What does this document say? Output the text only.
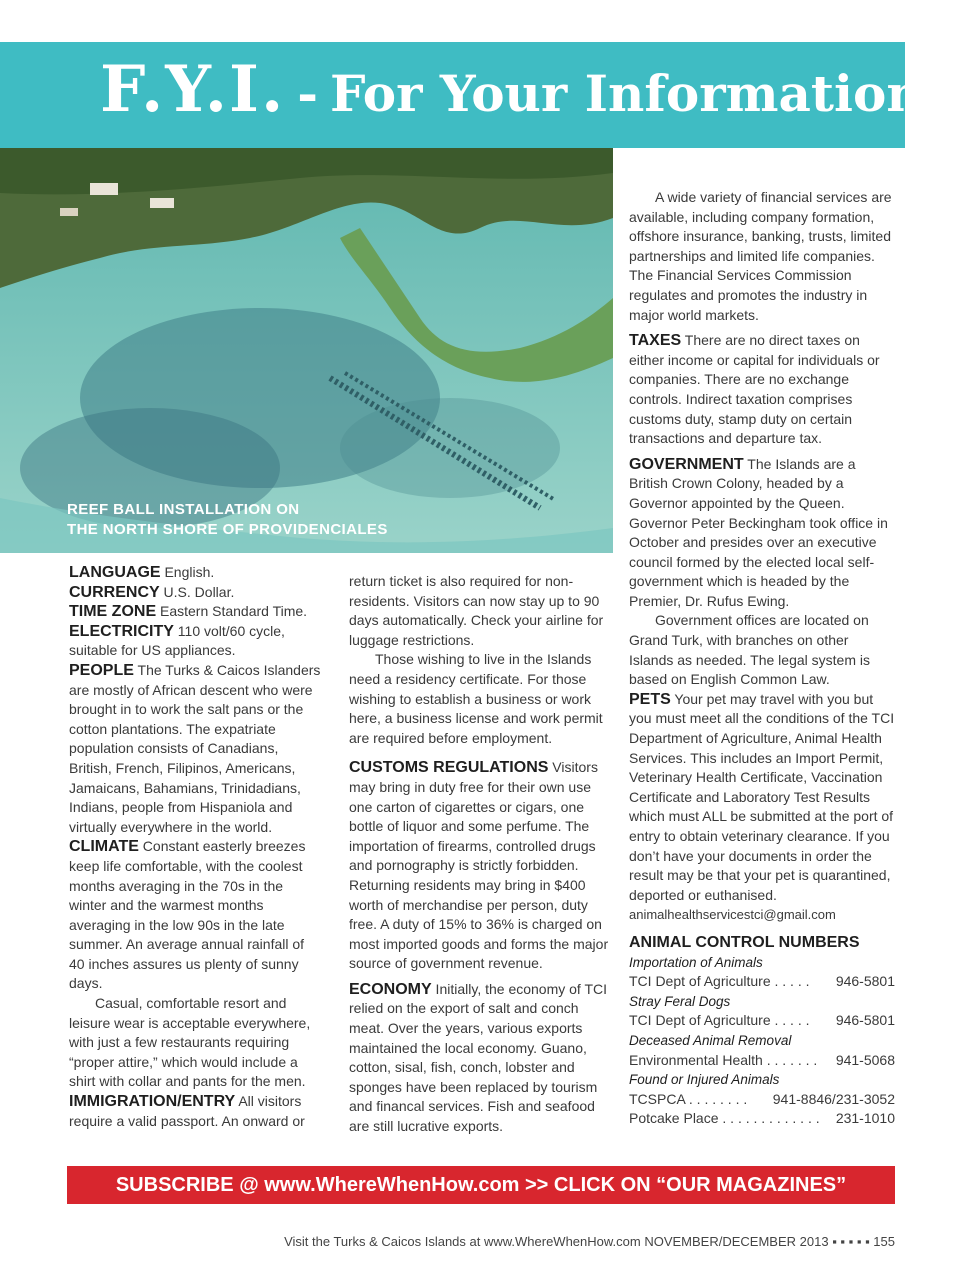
F.Y.I. - For Your Information
REEF BALL INSTALLATION ON
THE NORTH SHORE OF PROVIDENCIALES

LANGUAGE English.

CURRENCY U.S. Dollar.

TIME ZONE Eastern Standard Time.

ELECTRICITY 110 volt/60 cycle, suitable for US appliances.

PEOPLE The Turks & Caicos Islanders are mostly of African descent who were brought in to work the salt pans or the cotton plantations. The expatriate population consists of Canadians, British, French, Filipinos, Americans, Jamaicans, Bahamians, Trinidadians, Indians, people from Hispaniola and virtually everywhere in the world.

CLIMATE Constant easterly breezes keep life comfortable, with the coolest months averaging in the 70s in the winter and the warmest months averaging in the low 90s in the late summer. An average annual rainfall of 40 inches assures us plenty of sunny days.

Casual, comfortable resort and leisure wear is acceptable everywhere, with just a few restaurants requiring “proper attire,” which would include a shirt with collar and pants for the men.

IMMIGRATION/ENTRY All visitors require a valid passport. An onward or

return ticket is also required for non-residents. Visitors can now stay up to 90 days automatically. Check your airline for luggage restrictions.

Those wishing to live in the Islands need a residency certificate. For those wishing to establish a business or work here, a business license and work permit are required before employment.

CUSTOMS REGULATIONS Visitors may bring in duty free for their own use one carton of cigarettes or cigars, one bottle of liquor and some perfume. The importation of firearms, controlled drugs and pornography is strictly forbidden. Returning residents may bring in $400 worth of merchandise per person, duty free. A duty of 15% to 36% is charged on most imported goods and forms the major source of government revenue.

ECONOMY Initially, the economy of TCI relied on the export of salt and conch meat. Over the years, various exports maintained the local economy. Guano, cotton, sisal, fish, conch, lobster and sponges have been replaced by tourism and financal services. Fish and seafood are still lucrative exports.

A wide variety of financial services are available, including company formation, offshore insurance, banking, trusts, limited partnerships and limited life companies. The Financial Services Commission regulates and promotes the industry in major world markets.

TAXES There are no direct taxes on either income or capital for individuals or companies. There are no exchange controls. Indirect taxation comprises customs duty, stamp duty on certain transactions and departure tax.

GOVERNMENT The Islands are a British Crown Colony, headed by a Governor appointed by the Queen. Governor Peter Beckingham took office in October and presides over an executive council formed by the elected local self-government which is headed by the Premier, Dr. Rufus Ewing.

Government offices are located on Grand Turk, with branches on other Islands as needed. The legal system is based on English Common Law.

PETS Your pet may travel with you but you must meet all the conditions of the TCI Department of Agriculture, Animal Health Services. This includes an Import Permit, Veterinary Health Certificate, Vaccination Certificate and Laboratory Test Results which must ALL be submitted at the port of entry to obtain veterinary clearance. If you don’t have your documents in order the result may be that your pet is quarantined, deported or euthanised.

animalhealthservicestci@gmail.com

ANIMAL CONTROL NUMBERS

Importation of Animals
TCI Dept of Agriculture . . . . . 946-5801
Stray Feral Dogs
TCI Dept of Agriculture . . . . . 946-5801
Deceased Animal Removal
Environmental Health . . . . . . . 941-5068
Found or Injured Animals
TCSPCA . . . . . . . . 941-8846/231-3052
Potcake Place . . . . . . . . . . . . . 231-1010
SUBSCRIBE @ www.WhereWhenHow.com >> CLICK ON “OUR MAGAZINES”
Visit the Turks & Caicos Islands at www.WhereWhenHow.com NOVEMBER/DECEMBER 2013 ▪ ▪ ▪ ▪ ▪ 155
